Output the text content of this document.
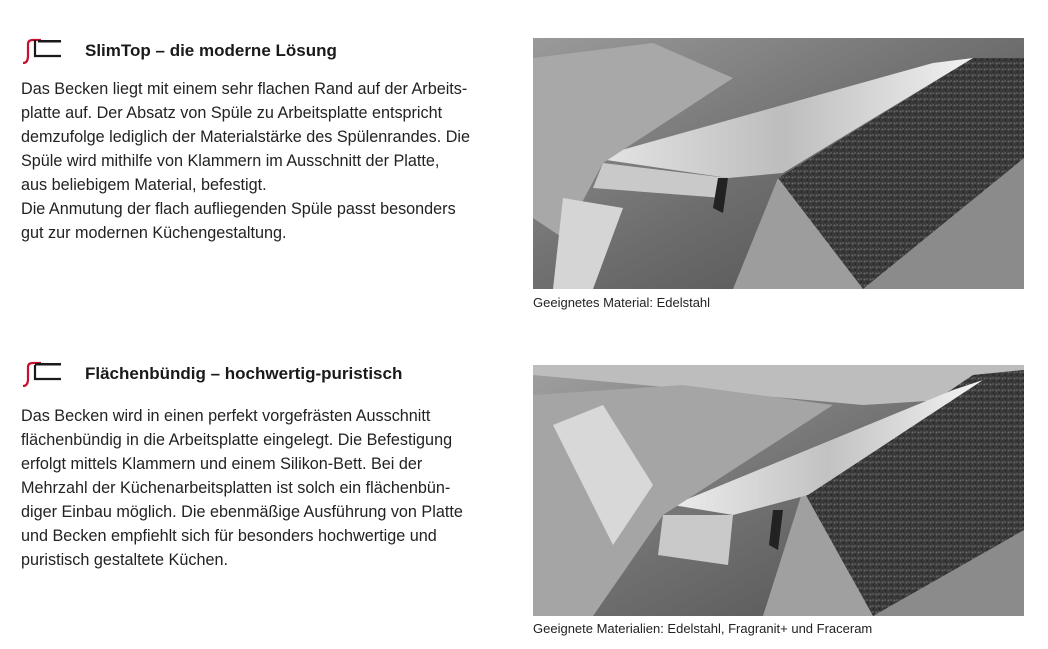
SlimTop – die moderne Lösung

Das Becken liegt mit einem sehr flachen Rand auf der Arbeits-

platte auf. Der Absatz von Spüle zu Arbeitsplatte entspricht

demzufolge lediglich der Materialstärke des Spülenrandes. Die

Spüle wird mithilfe von Klammern im Ausschnitt der Platte,

aus beliebigem Material, befestigt.

Die Anmutung der flach aufliegenden Spüle passt besonders

gut zur modernen Küchengestaltung.

Geeignetes Material: Edelstahl
Flächenbündig – hochwertig-puristisch

Das Becken wird in einen perfekt vorgefrästen Ausschnitt

flächenbündig in die Arbeitsplatte eingelegt. Die Befestigung

erfolgt mittels Klammern und einem Silikon-Bett. Bei der

Mehrzahl der Küchenarbeitsplatten ist solch ein flächenbün-

diger Einbau möglich. Die ebenmäßige Ausführung von Platte

und Becken empfiehlt sich für besonders hochwertige und

puristisch gestaltete Küchen.

Geeignete Materialien: Edelstahl, Fragranit+ und Fraceram
